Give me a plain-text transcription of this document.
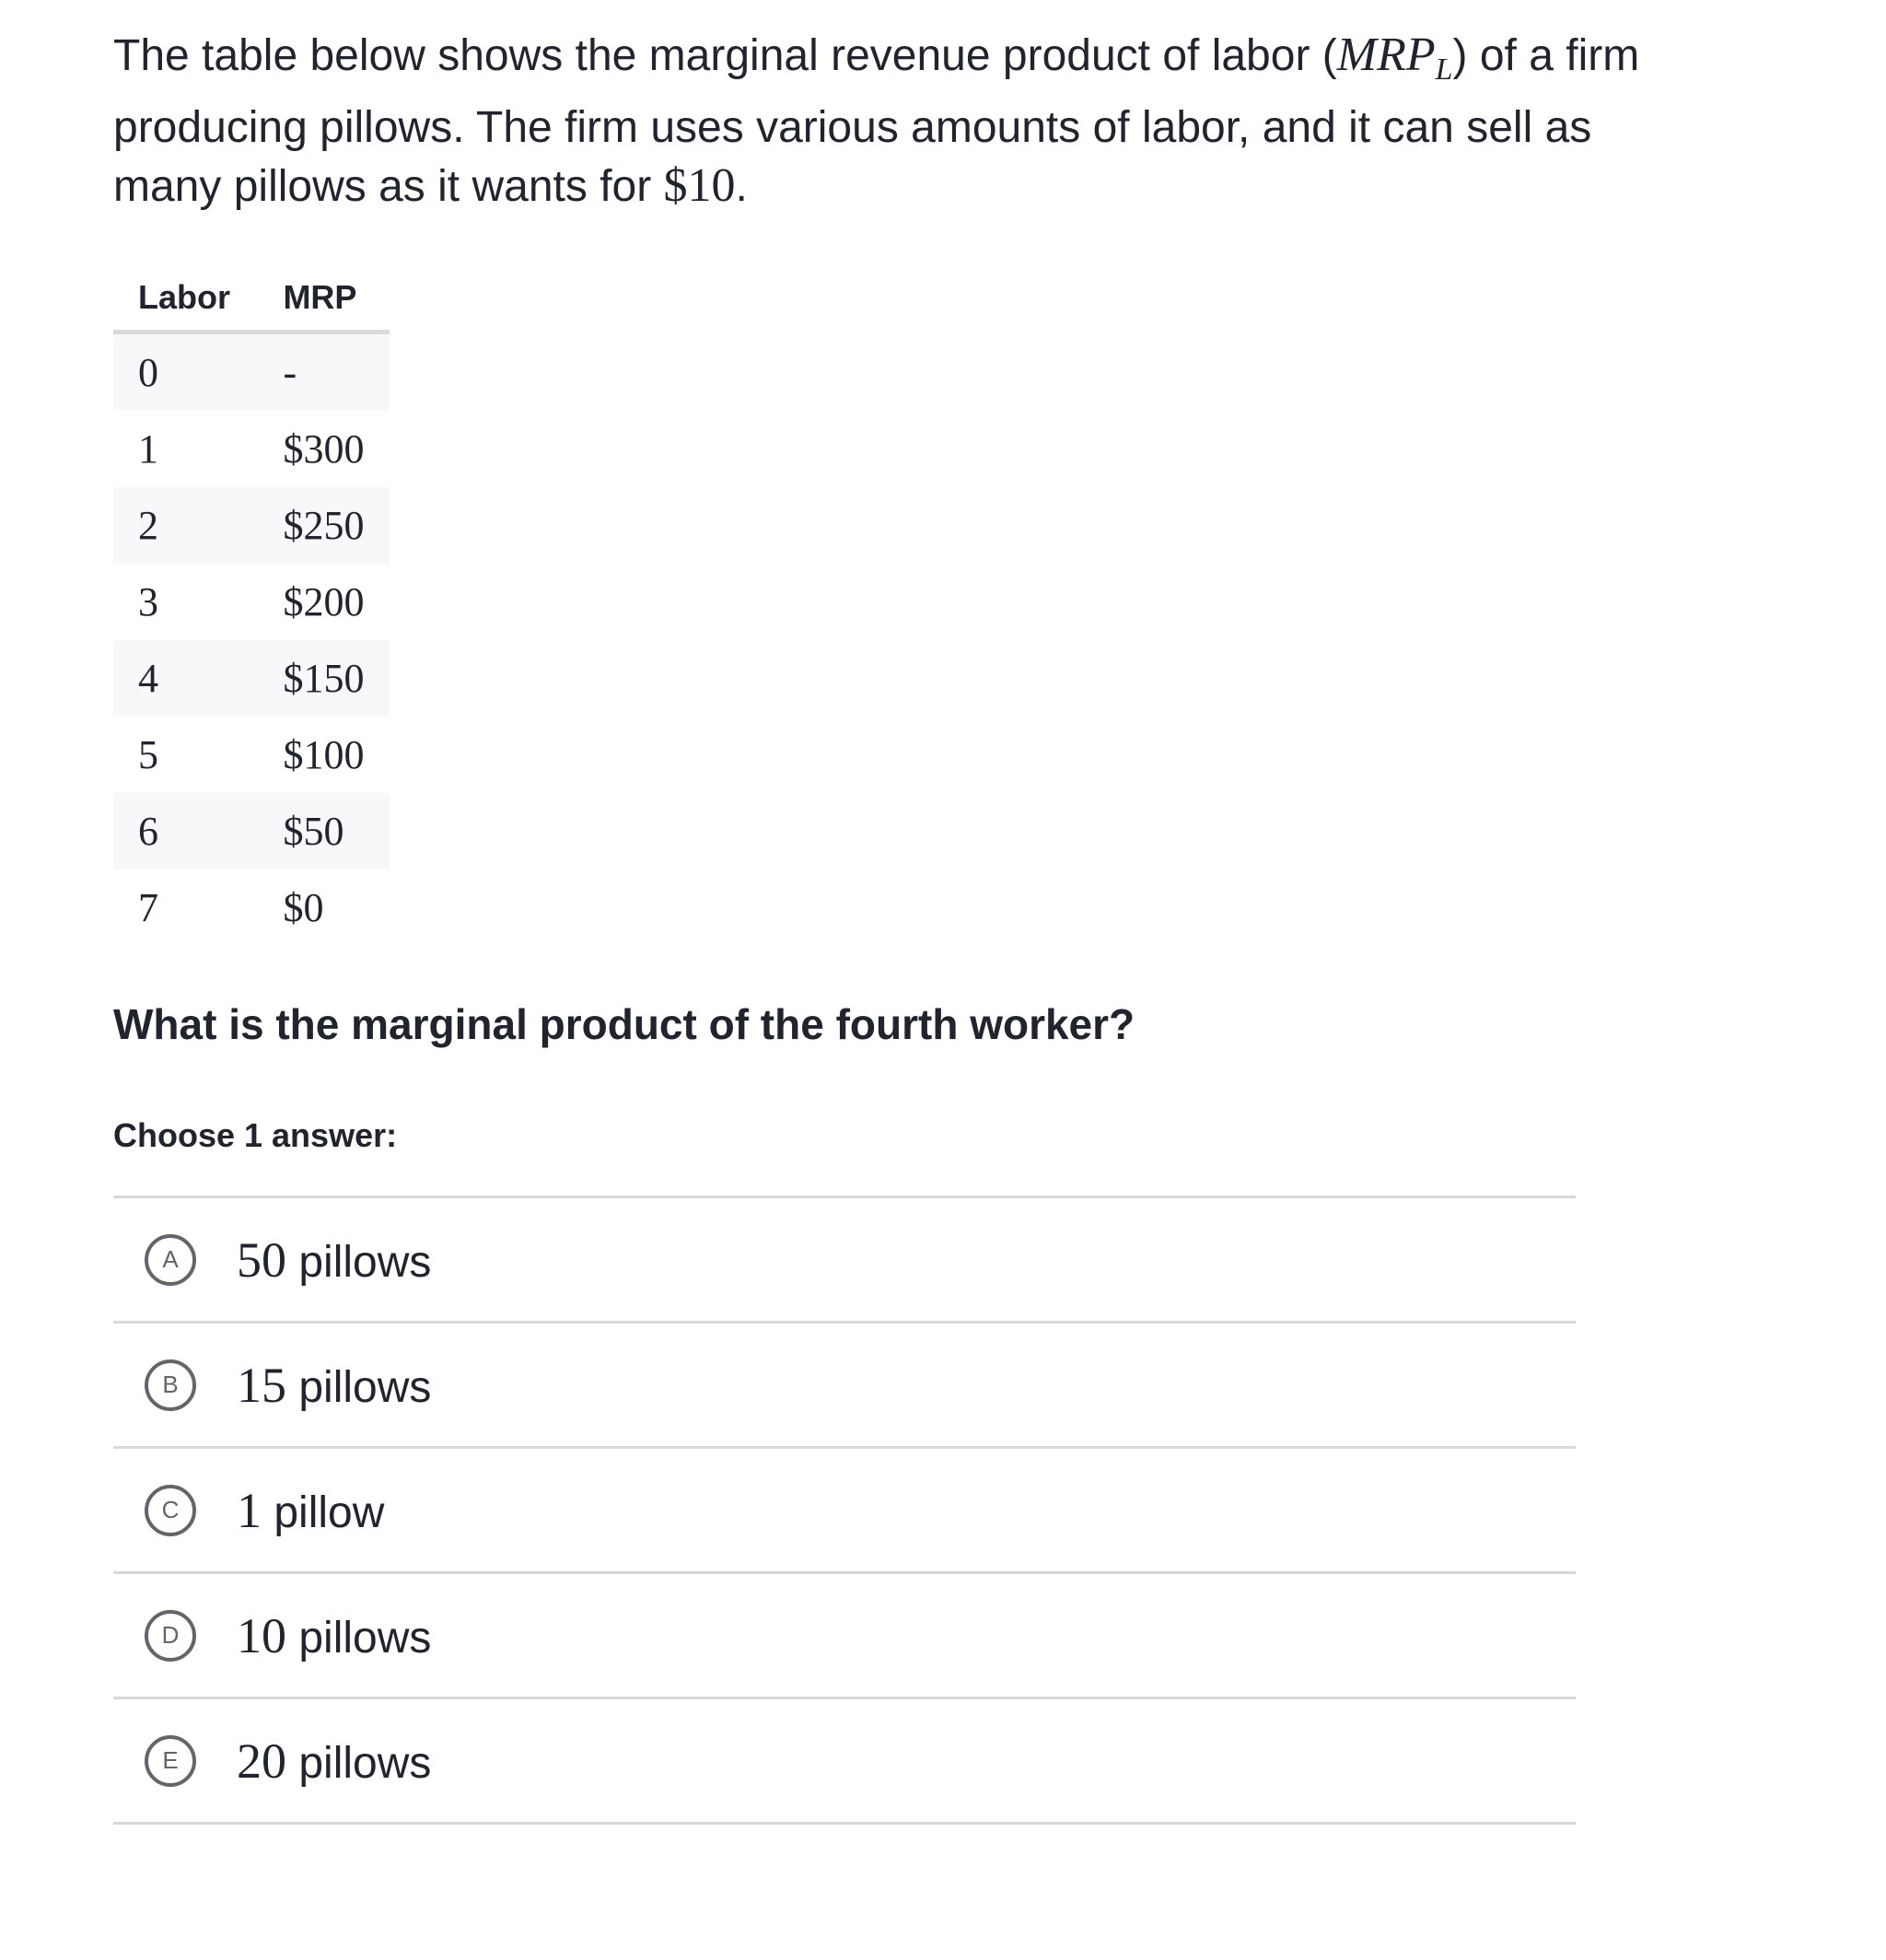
The table below shows the marginal revenue product of labor $(MRP_L)$ of a firm producing pillows. The firm uses various amounts of labor, and it can sell as many pillows as it wants for $10.

Labor	MRP
0	-
1	$300
2	$250
3	$200
4	$150
5	$100
6	$50
7	$0

What is the marginal product of the fourth worker?

Choose 1 answer:

A	50 pillows
B	15 pillows
C	1 pillow
D	10 pillows
E	20 pillows
